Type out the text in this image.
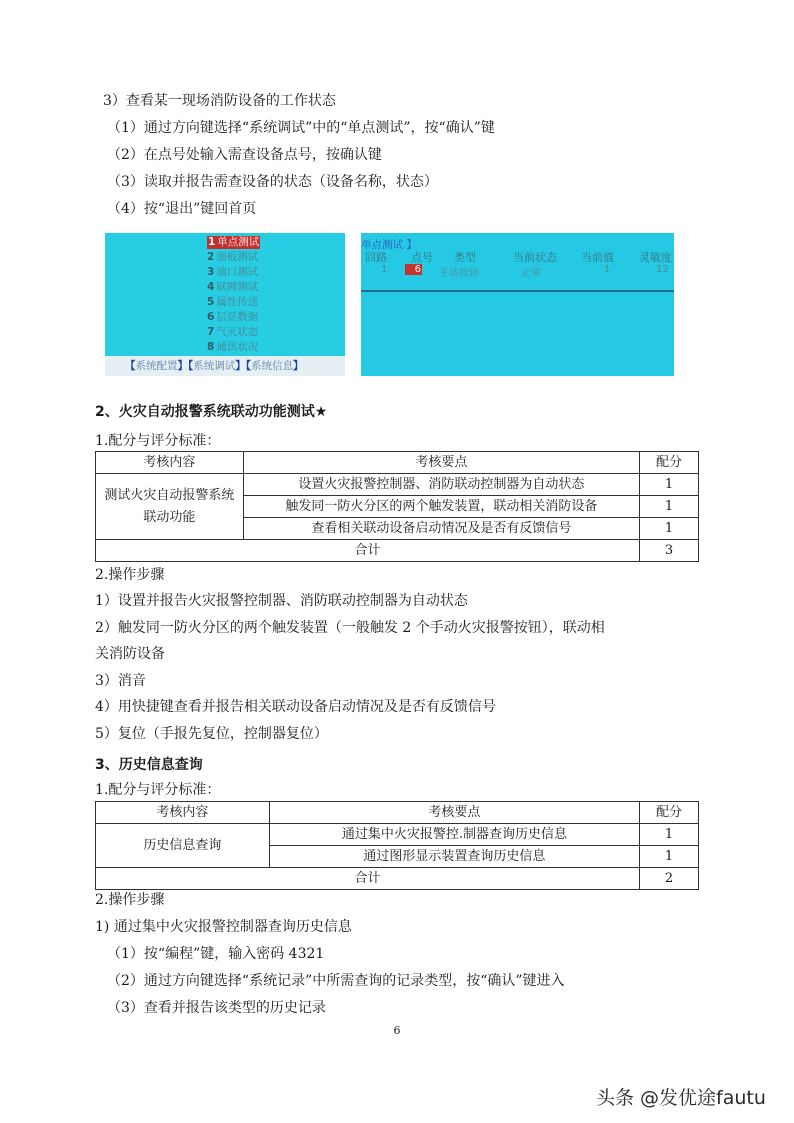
3）查看某一现场消防设备的工作状态
（1）通过方向键选择“系统调试”中的“单点测试”，按“确认”键
（2）在点号处输入需查设备点号，按确认键
（3）读取并报告需查设备的状态（设备名称，状态）
（4）按“退出”键回首页
1 单点测试
2 面板测试
3 端口测试
4 联网测试
5 属性传送
6 层显数据
7 气灭状态
8 通讯状况
【系统配置】【系统调试】【系统信息】
单点测试 】
回路 点号 类型	当前状态 当前值 灵敏度
1	6 手动按钮	正常	1	12
2、火灾自动报警系统联动功能测试★
1.配分与评分标准：
考核内容	考核要点	配分
测试火灾自动报警系统联动功能	设置火灾报警控制器、消防联动控制器为自动状态	1
	触发同一防火分区的两个触发装置，联动相关消防设备	1
	查看相关联动设备启动情况及是否有反馈信号	1
合计		3
2.操作步骤
1）设置并报告火灾报警控制器、消防联动控制器为自动状态
2）触发同一防火分区的两个触发装置（一般触发 2 个手动火灾报警按钮），联动相
关消防设备
3）消音
4）用快捷键查看并报告相关联动设备启动情况及是否有反馈信号
5）复位（手报先复位，控制器复位）
3、历史信息查询
1.配分与评分标准：
考核内容	考核要点	配分
历史信息查询	通过集中火灾报警控.制器查询历史信息	1
	通过图形显示装置查询历史信息	1
合计		2
2.操作步骤
1) 通过集中火灾报警控制器查询历史信息
（1）按“编程”键，输入密码 4321
（2）通过方向键选择“系统记录”中所需查询的记录类型，按“确认”键进入
（3）查看并报告该类型的历史记录
6
头条 @发优途fautu
